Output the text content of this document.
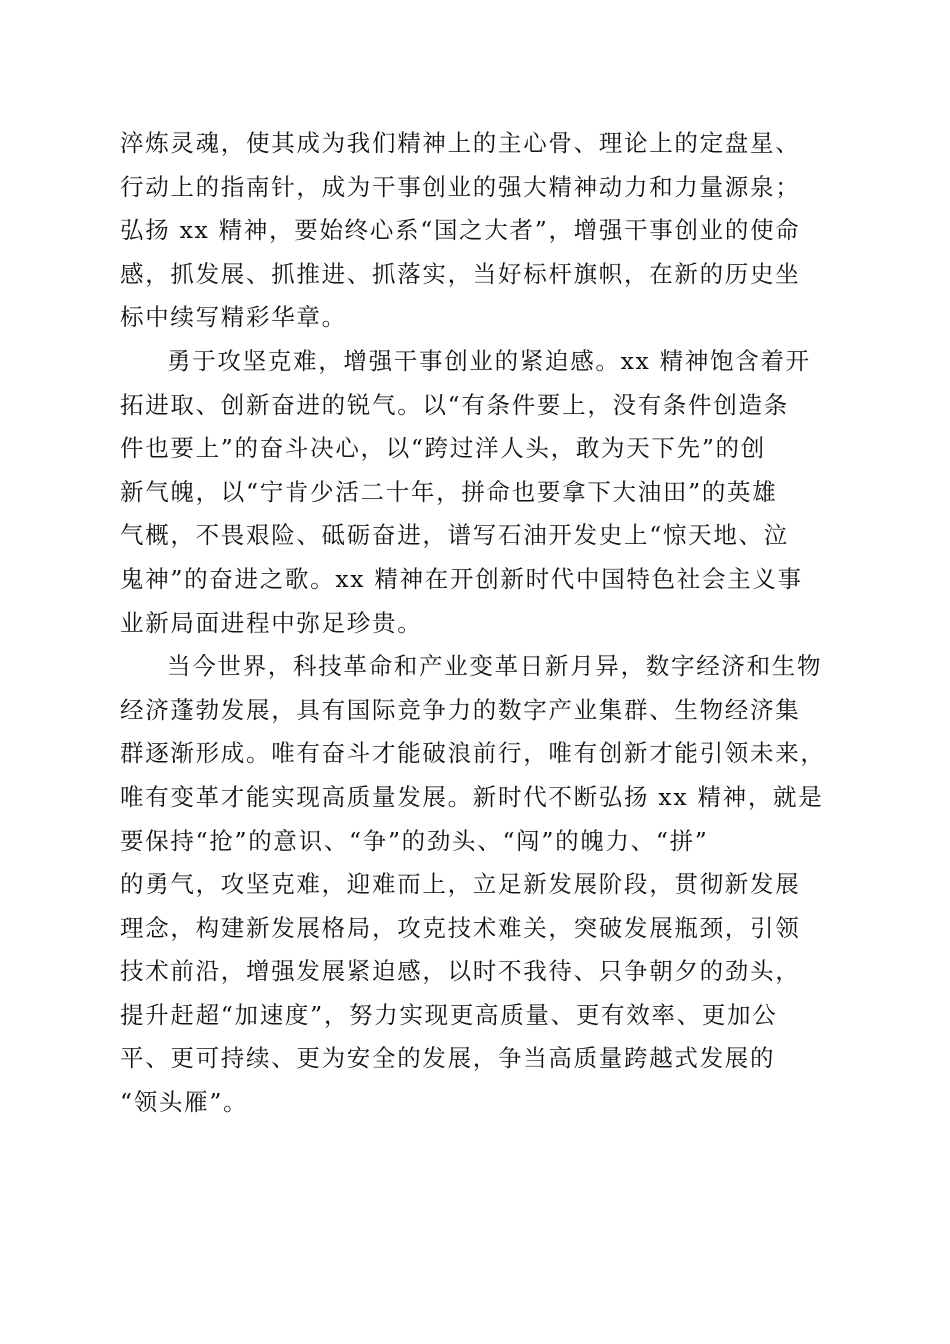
淬炼灵魂，使其成为我们精神上的主心骨、理论上的定盘星、
行动上的指南针，成为干事创业的强大精神动力和力量源泉；
弘扬 xx 精神，要始终心系“国之大者”，增强干事创业的使命
感，抓发展、抓推进、抓落实，当好标杆旗帜，在新的历史坐
标中续写精彩华章。
勇于攻坚克难，增强干事创业的紧迫感。xx 精神饱含着开
拓进取、创新奋进的锐气。以“有条件要上，没有条件创造条
件也要上”的奋斗决心，以“跨过洋人头，敢为天下先”的创
新气魄，以“宁肯少活二十年，拼命也要拿下大油田”的英雄
气概，不畏艰险、砥砺奋进，谱写石油开发史上“惊天地、泣
鬼神”的奋进之歌。xx 精神在开创新时代中国特色社会主义事
业新局面进程中弥足珍贵。
当今世界，科技革命和产业变革日新月异，数字经济和生物
经济蓬勃发展，具有国际竞争力的数字产业集群、生物经济集
群逐渐形成。唯有奋斗才能破浪前行，唯有创新才能引领未来，
唯有变革才能实现高质量发展。新时代不断弘扬 xx 精神，就是
要保持“抢”的意识、“争”的劲头、“闯”的魄力、“拼”
的勇气，攻坚克难，迎难而上，立足新发展阶段，贯彻新发展
理念，构建新发展格局，攻克技术难关，突破发展瓶颈，引领
技术前沿，增强发展紧迫感，以时不我待、只争朝夕的劲头，
提升赶超“加速度”，努力实现更高质量、更有效率、更加公
平、更可持续、更为安全的发展，争当高质量跨越式发展的
“领头雁”。
